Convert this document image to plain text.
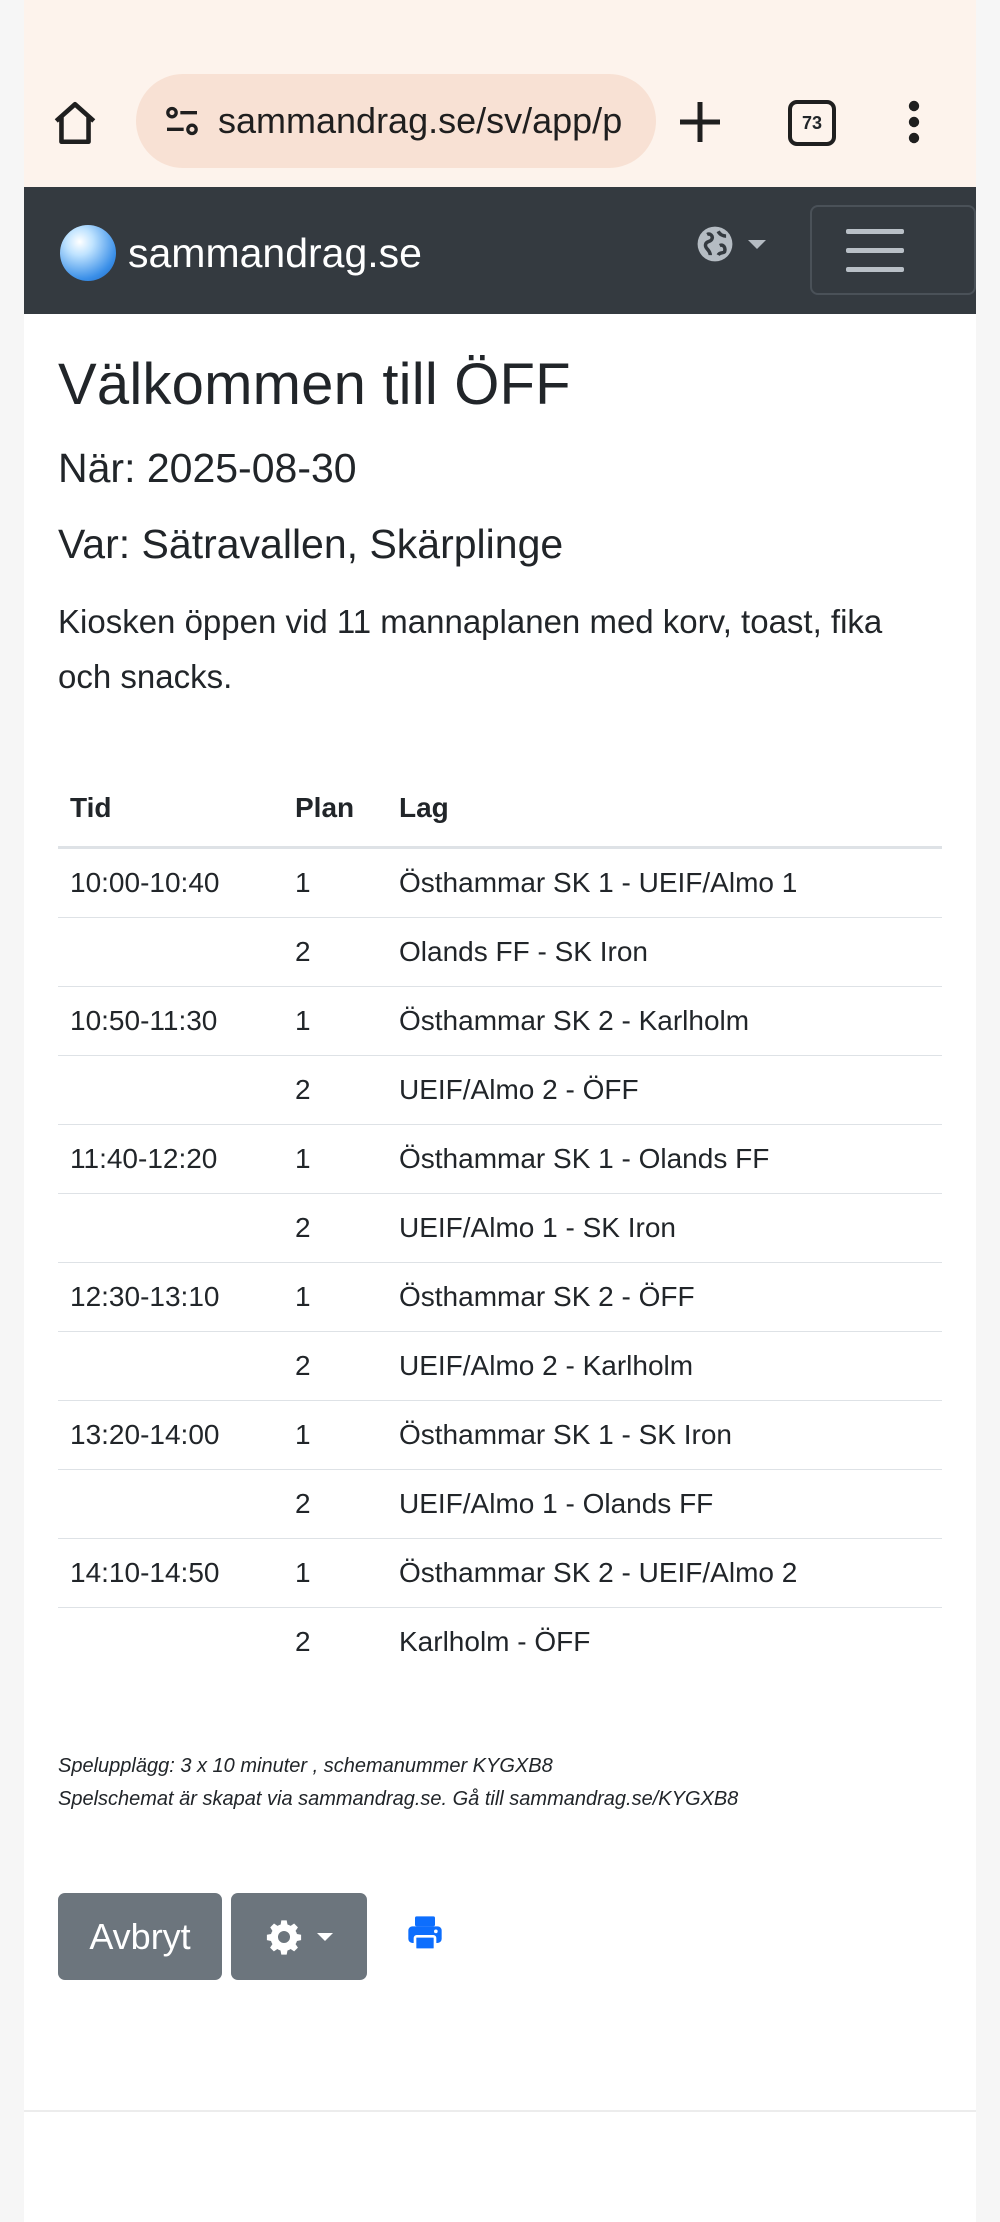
sammandrag.se/sv/app/p	73
sammandrag.se
Välkommen till ÖFF

När: 2025-08-30

Var: Sätravallen, Skärplinge

Kiosken öppen vid 11 mannaplanen med korv, toast, fika och snacks.

Tid	Plan	Lag
10:00-10:40	1	Östhammar SK 1 - UEIF/Almo 1
	2	Olands FF - SK Iron
10:50-11:30	1	Östhammar SK 2 - Karlholm
	2	UEIF/Almo 2 - ÖFF
11:40-12:20	1	Östhammar SK 1 - Olands FF
	2	UEIF/Almo 1 - SK Iron
12:30-13:10	1	Östhammar SK 2 - ÖFF
	2	UEIF/Almo 2 - Karlholm
13:20-14:00	1	Östhammar SK 1 - SK Iron
	2	UEIF/Almo 1 - Olands FF
14:10-14:50	1	Östhammar SK 2 - UEIF/Almo 2
	2	Karlholm - ÖFF
Speluppläg​g: 3 x 10 minuter , schemanummer KYGXB8
Spelschemat är skapat via sammandrag.se. Gå till sammandrag.se/KYGXB8
Avbryt
